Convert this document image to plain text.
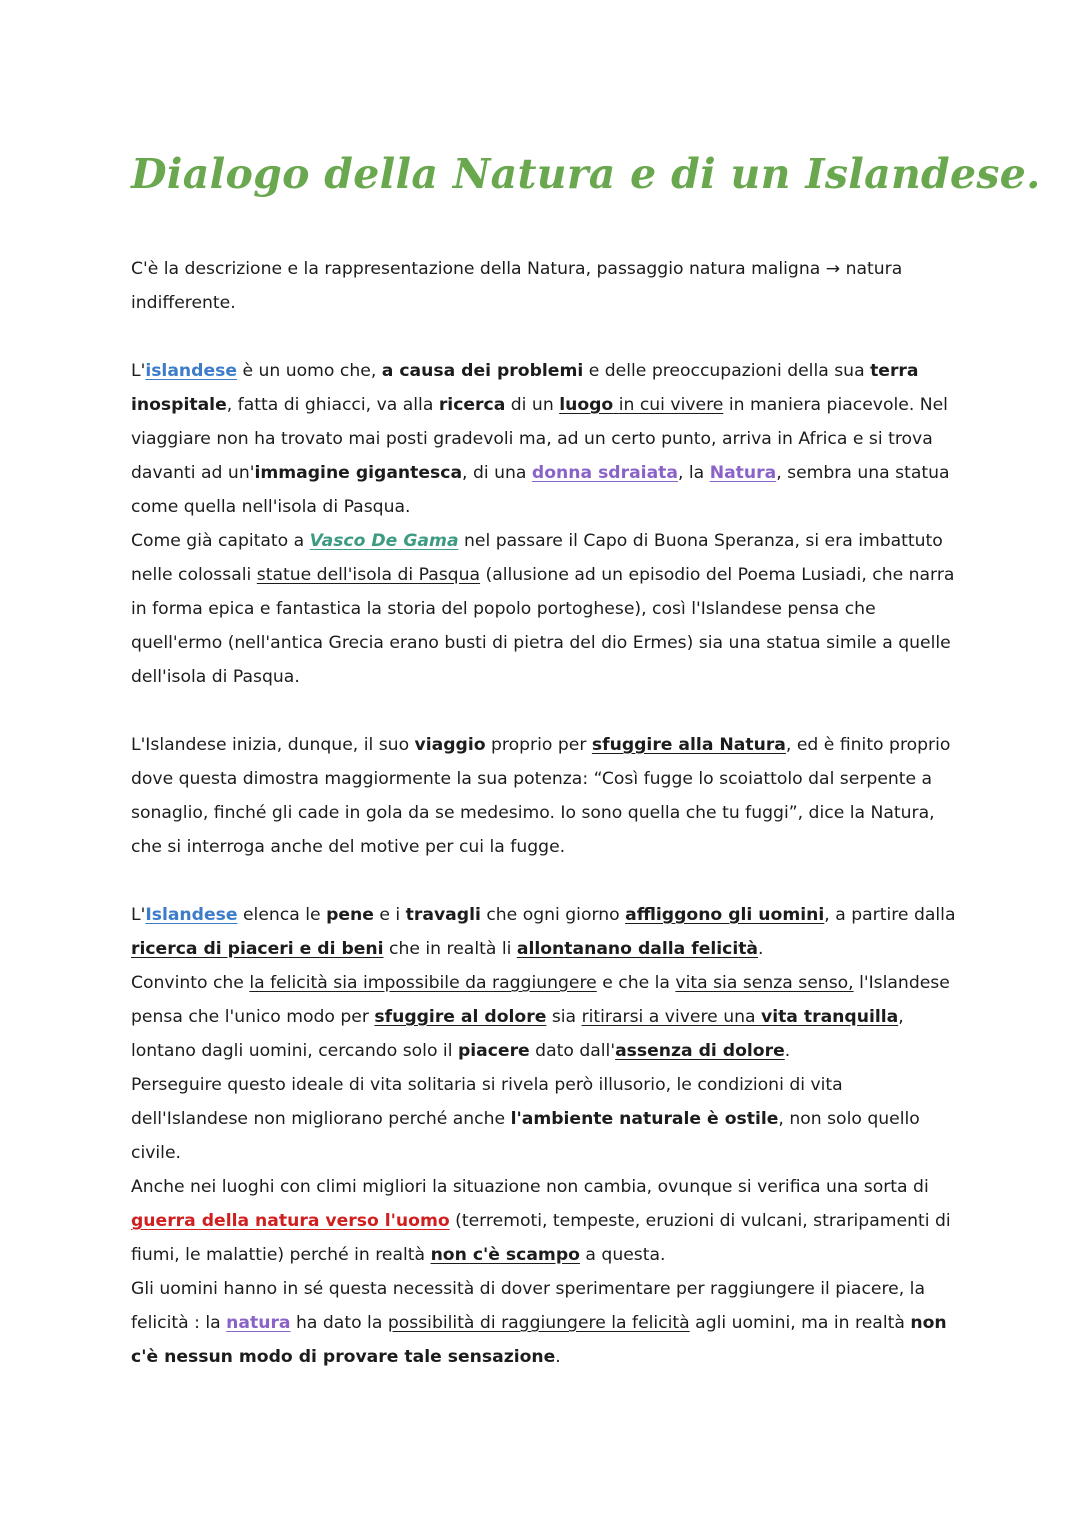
Dialogo della Natura e di un Islandese.

C'è la descrizione e la rappresentazione della Natura, passaggio natura maligna → natura indifferente.

L'islandese è un uomo che, a causa dei problemi e delle preoccupazioni della sua terra inospitale, fatta di ghiacci, va alla ricerca di un luogo in cui vivere in maniera piacevole. Nel viaggiare non ha trovato mai posti gradevoli ma, ad un certo punto, arriva in Africa e si trova davanti ad un'immagine gigantesca, di una donna sdraiata, la Natura, sembra una statua come quella nell'isola di Pasqua.

Come già capitato a Vasco De Gama nel passare il Capo di Buona Speranza, si era imbattuto nelle colossali statue dell'isola di Pasqua (allusione ad un episodio del Poema Lusiadi, che narra in forma epica e fantastica la storia del popolo portoghese), così l'Islandese pensa che quell'ermo (nell'antica Grecia erano busti di pietra del dio Ermes) sia una statua simile a quelle dell'isola di Pasqua.

L'Islandese inizia, dunque, il suo viaggio proprio per sfuggire alla Natura, ed è finito proprio dove questa dimostra maggiormente la sua potenza: “Così fugge lo scoiattolo dal serpente a sonaglio, finché gli cade in gola da se medesimo. Io sono quella che tu fuggi”, dice la Natura, che si interroga anche del motive per cui la fugge.

L'Islandese elenca le pene e i travagli che ogni giorno affliggono gli uomini, a partire dalla ricerca di piaceri e di beni che in realtà li allontanano dalla felicità.

Convinto che la felicità sia impossibile da raggiungere e che la vita sia senza senso, l'Islandese pensa che l'unico modo per sfuggire al dolore sia ritirarsi a vivere una vita tranquilla, lontano dagli uomini, cercando solo il piacere dato dall'assenza di dolore.

Perseguire questo ideale di vita solitaria si rivela però illusorio, le condizioni di vita dell'Islandese non migliorano perché anche l'ambiente naturale è ostile, non solo quello civile.

Anche nei luoghi con climi migliori la situazione non cambia, ovunque si verifica una sorta di guerra della natura verso l'uomo (terremoti, tempeste, eruzioni di vulcani, straripamenti di fiumi, le malattie) perché in realtà non c'è scampo a questa.

Gli uomini hanno in sé questa necessità di dover sperimentare per raggiungere il piacere, la felicità : la natura ha dato la possibilità di raggiungere la felicità agli uomini, ma in realtà non c'è nessun modo di provare tale sensazione.
